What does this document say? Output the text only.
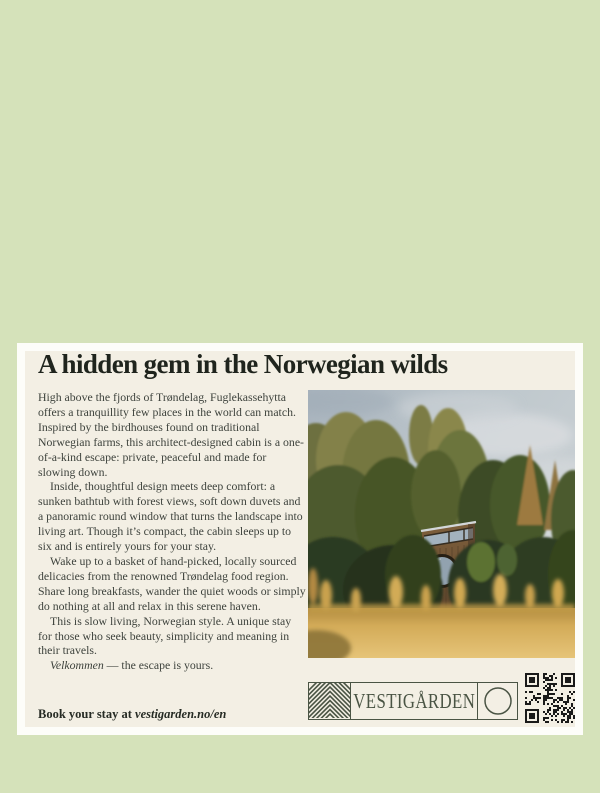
A hidden gem in the Norwegian wilds

High above the fjords of Trøndelag, Fuglekassehytta offers a tranquillity few places in the world can match. Inspired by the birdhouses found on traditional Norwegian farms, this architect-designed cabin is a one-of-a-kind escape: private, peaceful and made for slowing down.

Inside, thoughtful design meets deep comfort: a sunken bathtub with forest views, soft down duvets and a panoramic round window that turns the landscape into living art. Though it’s compact, the cabin sleeps up to six and is entirely yours for your stay.

Wake up to a basket of hand-picked, locally sourced delicacies from the renowned Trøndelag food region. Share long breakfasts, wander the quiet woods or simply do nothing at all and relax in this serene haven.

This is slow living, Norwegian style. A unique stay for those who seek beauty, simplicity and meaning in their travels.

Velkommen — the escape is yours.

VESTIGÅRDEN

Book your stay at vestigarden.no/en
